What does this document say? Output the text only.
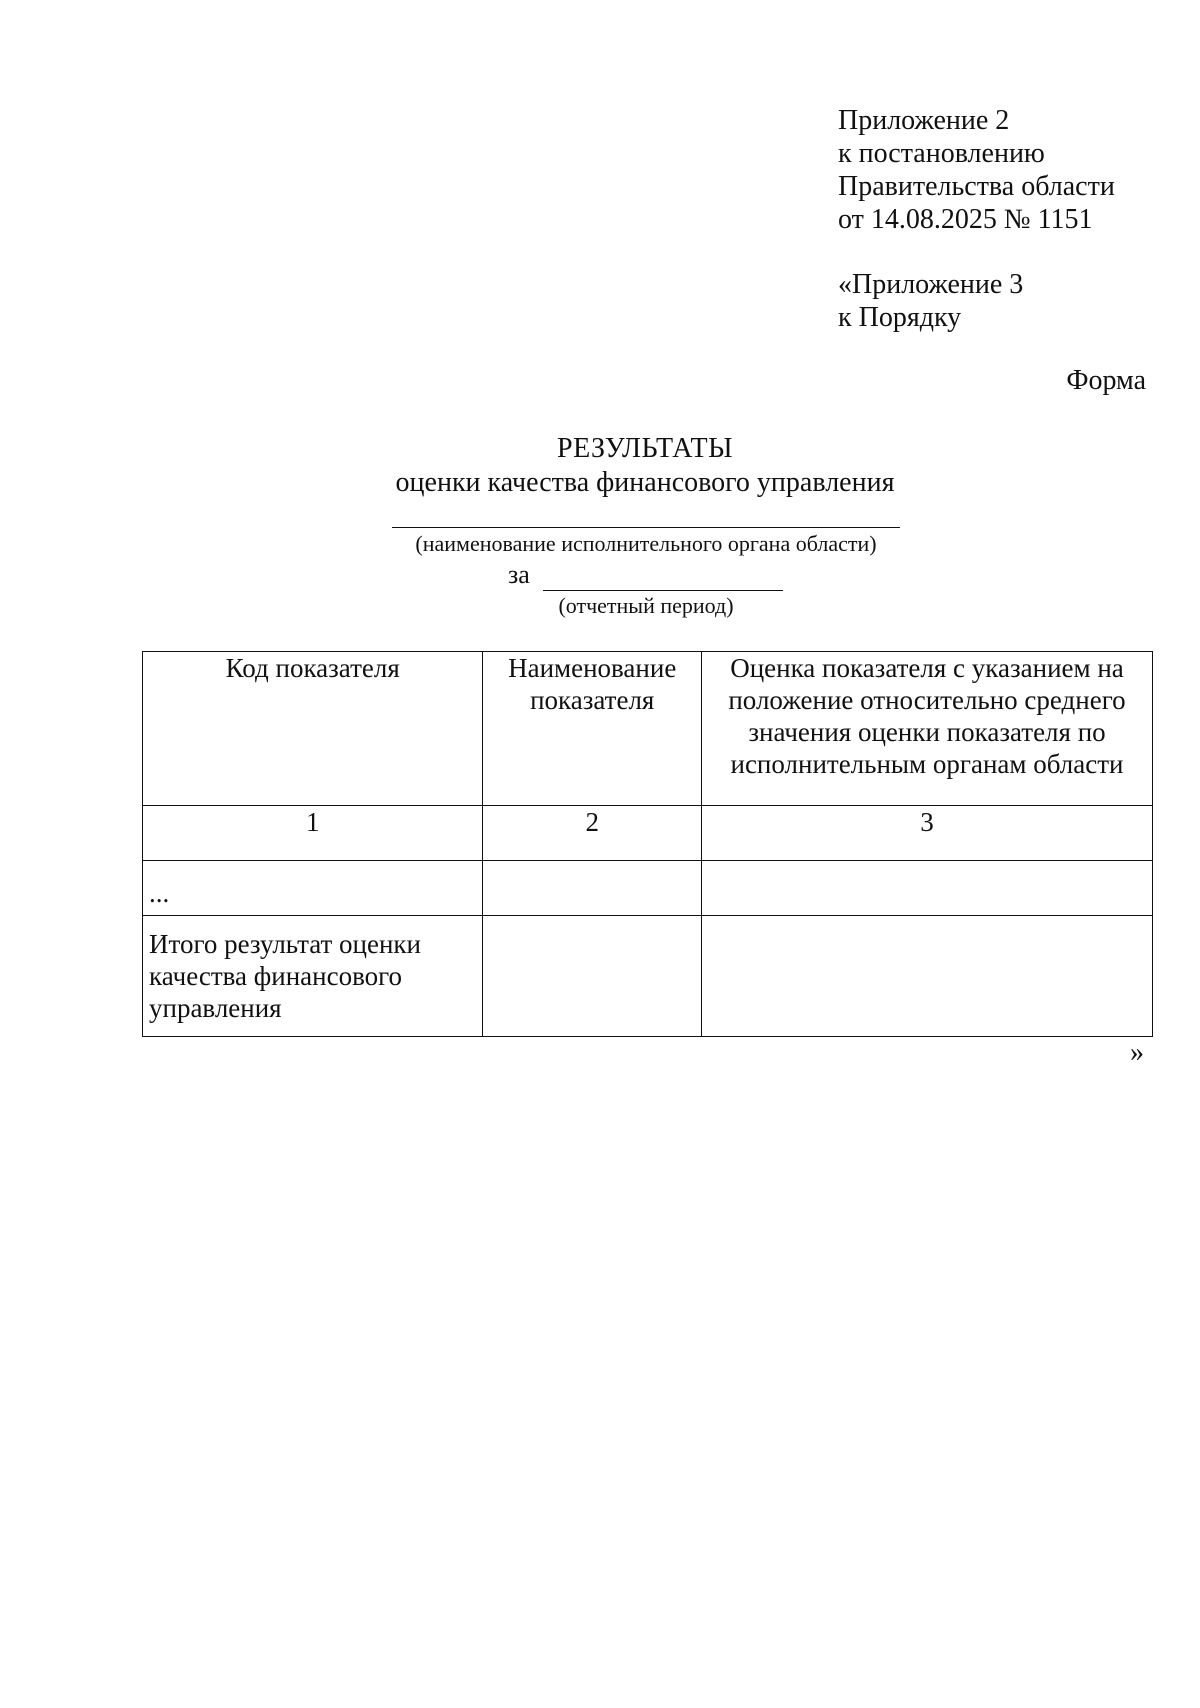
Приложение 2
к постановлению
Правительства области
от 14.08.2025 № 1151
«Приложение 3
к Порядку
Форма
РЕЗУЛЬТАТЫ
оценки качества финансового управления
(наименование исполнительного органа области)
за
(отчетный период)
Код показателя	Наименование показателя	Оценка показателя с указанием на положение относительно среднего значения оценки показателя по исполнительным органам области
1	2	3
...		
Итого результат оценки качества финансового управления		
»
